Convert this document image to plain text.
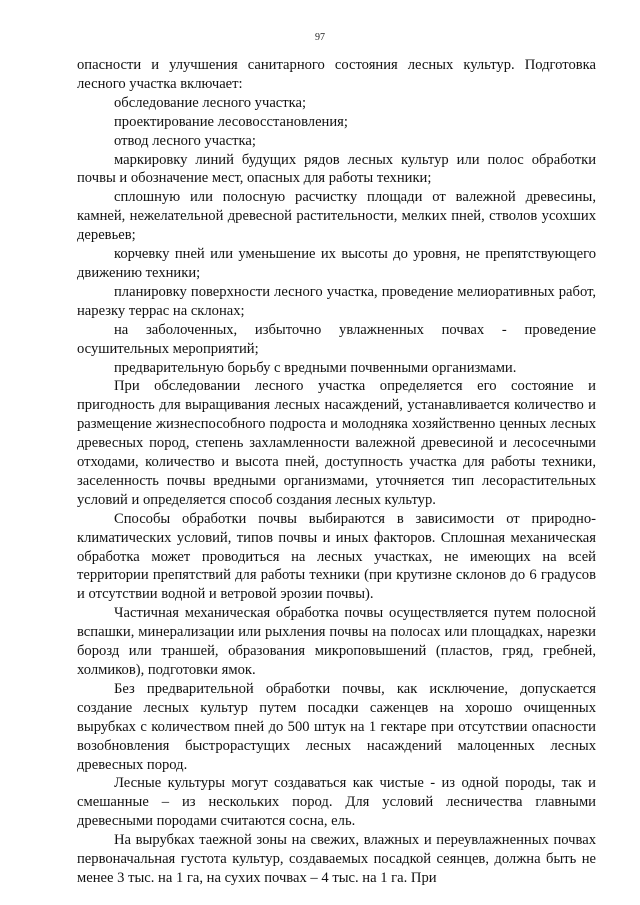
97

опасности и улучшения санитарного состояния лесных культур. Подготовка лесного участка включает:

обследование лесного участка;

проектирование лесовосстановления;

отвод лесного участка;

маркировку линий будущих рядов лесных культур или полос обработки почвы и обозначение мест, опасных для работы техники;

сплошную или полосную расчистку площади от валежной древесины, камней, нежелательной древесной растительности, мелких пней, стволов усохших деревьев;

корчевку пней или уменьшение их высоты до уровня, не препятствующего движению техники;

планировку поверхности лесного участка, проведение мелиоративных работ, нарезку террас на склонах;

на заболоченных, избыточно увлажненных почвах - проведение осушительных мероприятий;

предварительную борьбу с вредными почвенными организмами.

При обследовании лесного участка определяется его состояние и пригодность для выращивания лесных насаждений, устанавливается количество и размещение жизнеспособного подроста и молодняка хозяйственно ценных лесных древесных пород, степень захламленности валежной древесиной и лесосечными отходами, количество и высота пней, доступность участка для работы техники, заселенность почвы вредными организмами, уточняется тип лесорастительных условий и определяется способ создания лесных культур.

Способы обработки почвы выбираются в зависимости от природно-климатических условий, типов почвы и иных факторов. Сплошная механическая обработка может проводиться на лесных участках, не имеющих на всей территории препятствий для работы техники (при крутизне склонов до 6 градусов и отсутствии водной и ветровой эрозии почвы).

Частичная механическая обработка почвы осуществляется путем полосной вспашки, минерализации или рыхления почвы на полосах или площадках, нарезки борозд или траншей, образования микроповышений (пластов, гряд, гребней, холмиков), подготовки ямок.

Без предварительной обработки почвы, как исключение, допускается создание лесных культур путем посадки саженцев на хорошо очищенных вырубках с количеством пней до 500 штук на 1 гектаре при отсутствии опасности возобновления быстрорастущих лесных насаждений малоценных лесных древесных пород.

Лесные культуры могут создаваться как чистые - из одной породы, так и смешанные – из нескольких пород. Для условий лесничества главными древесными породами считаются сосна, ель.

На вырубках таежной зоны на свежих, влажных и переувлажненных почвах первоначальная густота культур, создаваемых посадкой сеянцев, должна быть не менее 3 тыс. на 1 га, на сухих почвах – 4 тыс. на 1 га. При
